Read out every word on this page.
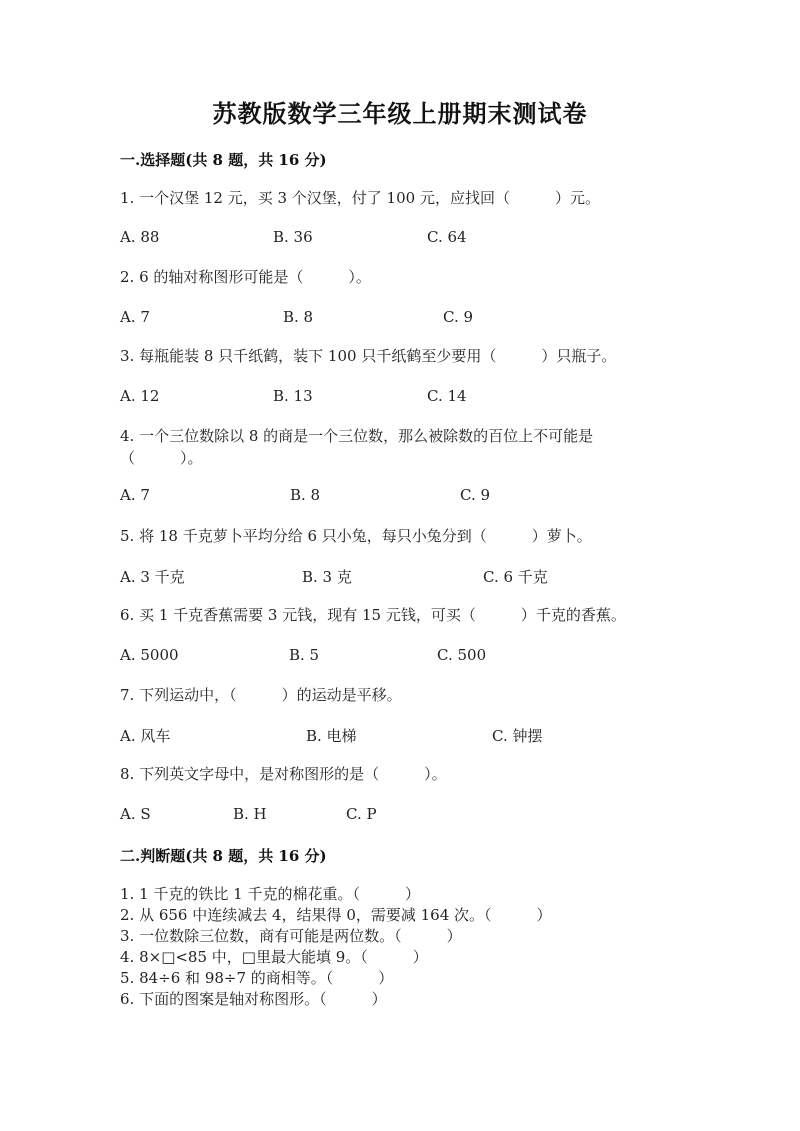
苏教版数学三年级上册期末测试卷
一.选择题(共 8 题，共 16 分)
1. 一个汉堡 12 元，买 3 个汉堡，付了 100 元，应找回（　　　）元。
A. 88	B. 36	C. 64
2. 6 的轴对称图形可能是（　　　）。
A. 7	B. 8	C. 9
3. 每瓶能装 8 只千纸鹤，装下 100 只千纸鹤至少要用（　　　）只瓶子。
A. 12	B. 13	C. 14
4. 一个三位数除以 8 的商是一个三位数，那么被除数的百位上不可能是（　　　）。
A. 7	B. 8	C. 9
5. 将 18 千克萝卜平均分给 6 只小兔，每只小兔分到（　　　）萝卜。
A. 3 千克	B. 3 克	C. 6 千克
6. 买 1 千克香蕉需要 3 元钱，现有 15 元钱，可买（　　　）千克的香蕉。
A. 5000	B. 5	C. 500
7. 下列运动中，（　　　）的运动是平移。
A. 风车	B. 电梯	C. 钟摆
8. 下列英文字母中，是对称图形的是（　　　）。
A. S	B. H	C. P
二.判断题(共 8 题，共 16 分)
1. 1 千克的铁比 1 千克的棉花重。（　　　）
2. 从 656 中连续减去 4，结果得 0，需要减 164 次。（　　　）
3. 一位数除三位数，商有可能是两位数。（　　　）
4. 8×□<85 中，□里最大能填 9。（　　　）
5. 84÷6 和 98÷7 的商相等。（　　　）
6. 下面的图案是轴对称图形。（　　　）
